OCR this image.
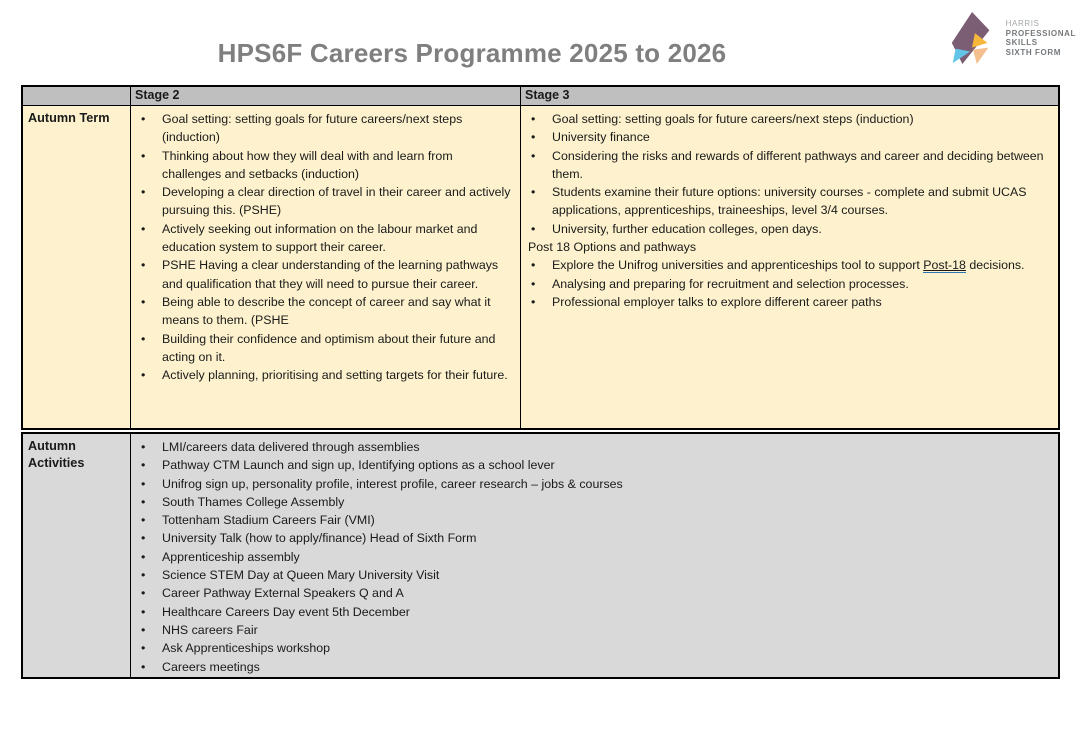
HPS6F Careers Programme 2025 to 2026
HARRIS
PROFESSIONAL
SKILLS
SIXTH FORM
Stage 2	Stage 3
Autumn Term	• Goal setting: setting goals for future careers/next steps (induction)
• Thinking about how they will deal with and learn from challenges and setbacks (induction)
• Developing a clear direction of travel in their career and actively pursuing this. (PSHE)
• Actively seeking out information on the labour market and education system to support their career.
• PSHE Having a clear understanding of the learning pathways and qualification that they will need to pursue their career.
• Being able to describe the concept of career and say what it means to them. (PSHE
• Building their confidence and optimism about their future and acting on it.
• Actively planning, prioritising and setting targets for their future.
• Goal setting: setting goals for future careers/next steps (induction)
• University finance
• Considering the risks and rewards of different pathways and career and deciding between them.
• Students examine their future options: university courses - complete and submit UCAS applications, apprenticeships, traineeships, level 3/4 courses.
• University, further education colleges, open days.
Post 18 Options and pathways
• Explore the Unifrog universities and apprenticeships tool to support Post-18 decisions.
• Analysing and preparing for recruitment and selection processes.
• Professional employer talks to explore different career paths
Autumn Activities
• LMI/careers data delivered through assemblies
• Pathway CTM Launch and sign up, Identifying options as a school lever
• Unifrog sign up, personality profile, interest profile, career research – jobs & courses
• South Thames College Assembly
• Tottenham Stadium Careers Fair (VMI)
• University Talk (how to apply/finance) Head of Sixth Form
• Apprenticeship assembly
• Science STEM Day at Queen Mary University Visit
• Career Pathway External Speakers Q and A
• Healthcare Careers Day event 5th December
• NHS careers Fair
• Ask Apprenticeships workshop
• Careers meetings
